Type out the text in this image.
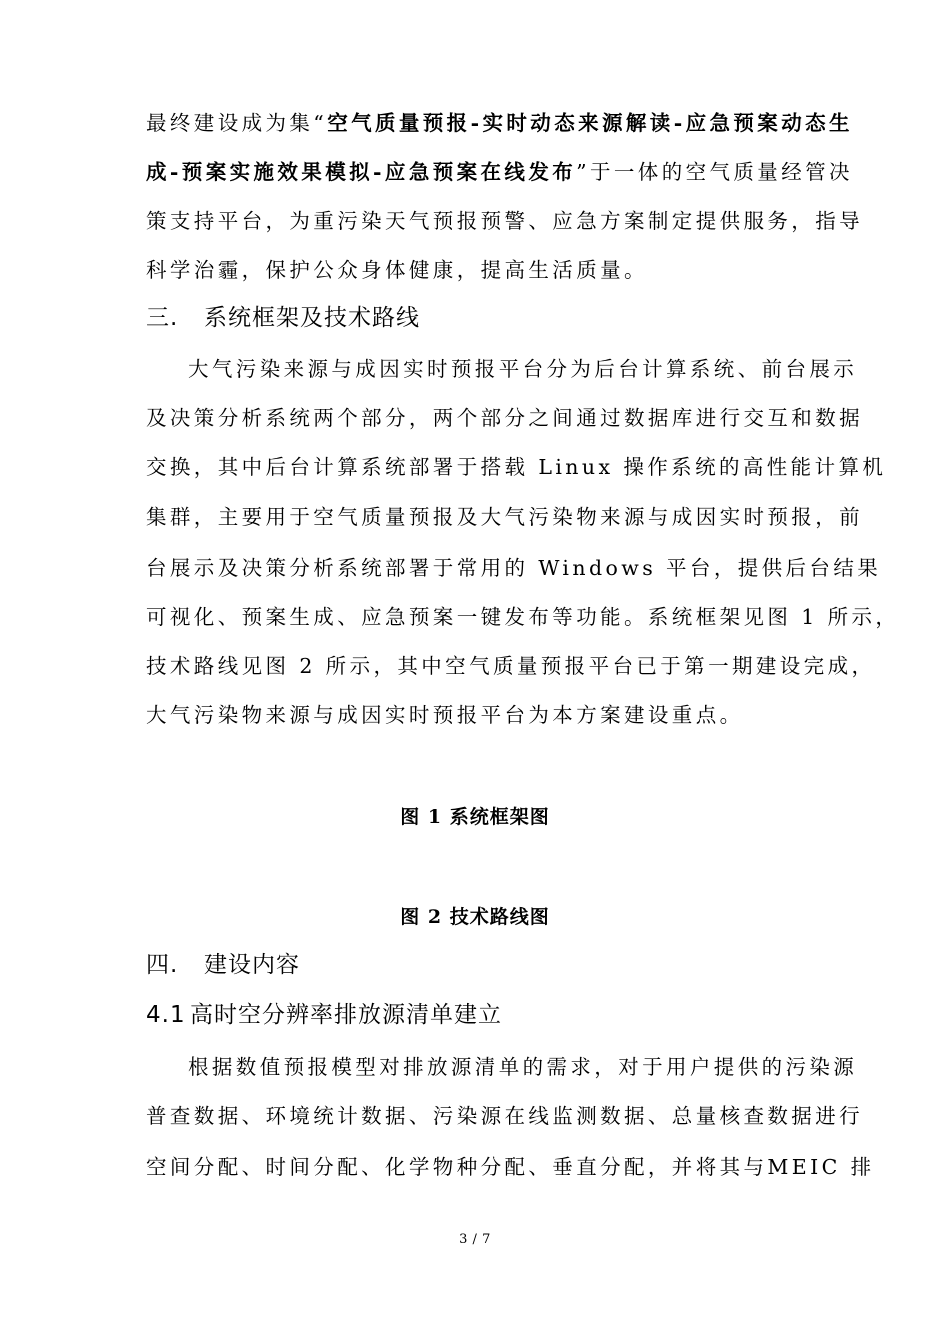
最终建设成为集“空气质量预报-实时动态来源解读-应急预案动态生
成-预案实施效果模拟-应急预案在线发布”于一体的空气质量经管决
策支持平台，为重污染天气预报预警、应急方案制定提供服务，指导
科学治霾，保护公众身体健康，提高生活质量。
三. 系统框架及技术路线
大气污染来源与成因实时预报平台分为后台计算系统、前台展示
及决策分析系统两个部分，两个部分之间通过数据库进行交互和数据
交换，其中后台计算系统部署于搭载 Linux 操作系统的高性能计算机
集群，主要用于空气质量预报及大气污染物来源与成因实时预报，前
台展示及决策分析系统部署于常用的 Windows 平台，提供后台结果
可视化、预案生成、应急预案一键发布等功能。系统框架见图 1 所示，
技术路线见图 2 所示，其中空气质量预报平台已于第一期建设完成，
大气污染物来源与成因实时预报平台为本方案建设重点。
图 1 系统框架图
图 2 技术路线图
四. 建设内容
4.1 高时空分辨率排放源清单建立
根据数值预报模型对排放源清单的需求，对于用户提供的污染源
普查数据、环境统计数据、污染源在线监测数据、总量核查数据进行
空间分配、时间分配、化学物种分配、垂直分配，并将其与MEIC 排
3 / 7
